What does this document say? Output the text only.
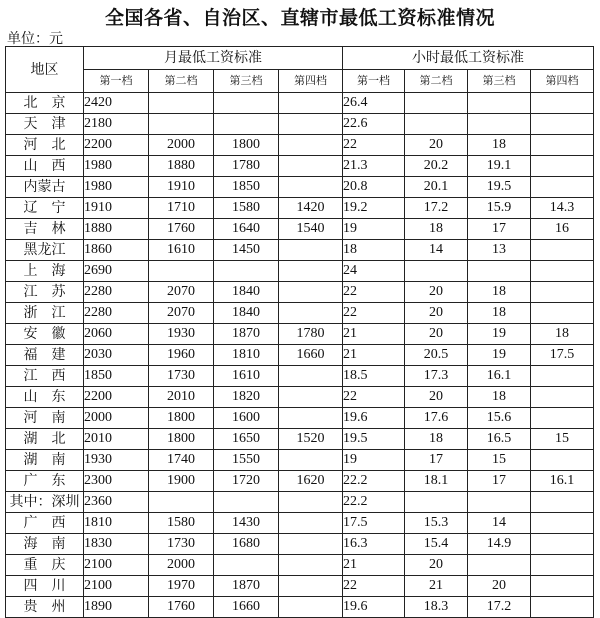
全国各省、自治区、直辖市最低工资标准情况
单位：元
地区	月最低工资标准				小时最低工资标准			
	第一档	第二档	第三档	第四档	第一档	第二档	第三档	第四档
北京	2420				26.4			
天津	2180				22.6			
河北	2200	2000	1800		22	20	18	
山西	1980	1880	1780		21.3	20.2	19.1	
内蒙古	1980	1910	1850		20.8	20.1	19.5	
辽宁	1910	1710	1580	1420	19.2	17.2	15.9	14.3
吉林	1880	1760	1640	1540	19	18	17	16
黑龙江	1860	1610	1450		18	14	13	
上海	2690				24			
江苏	2280	2070	1840		22	20	18	
浙江	2280	2070	1840		22	20	18	
安徽	2060	1930	1870	1780	21	20	19	18
福建	2030	1960	1810	1660	21	20.5	19	17.5
江西	1850	1730	1610		18.5	17.3	16.1	
山东	2200	2010	1820		22	20	18	
河南	2000	1800	1600		19.6	17.6	15.6	
湖北	2010	1800	1650	1520	19.5	18	16.5	15
湖南	1930	1740	1550		19	17	15	
广东	2300	1900	1720	1620	22.2	18.1	17	16.1
其中：深圳	2360				22.2			
广西	1810	1580	1430		17.5	15.3	14	
海南	1830	1730	1680		16.3	15.4	14.9	
重庆	2100	2000			21	20		
四川	2100	1970	1870		22	21	20	
贵州	1890	1760	1660		19.6	18.3	17.2	
